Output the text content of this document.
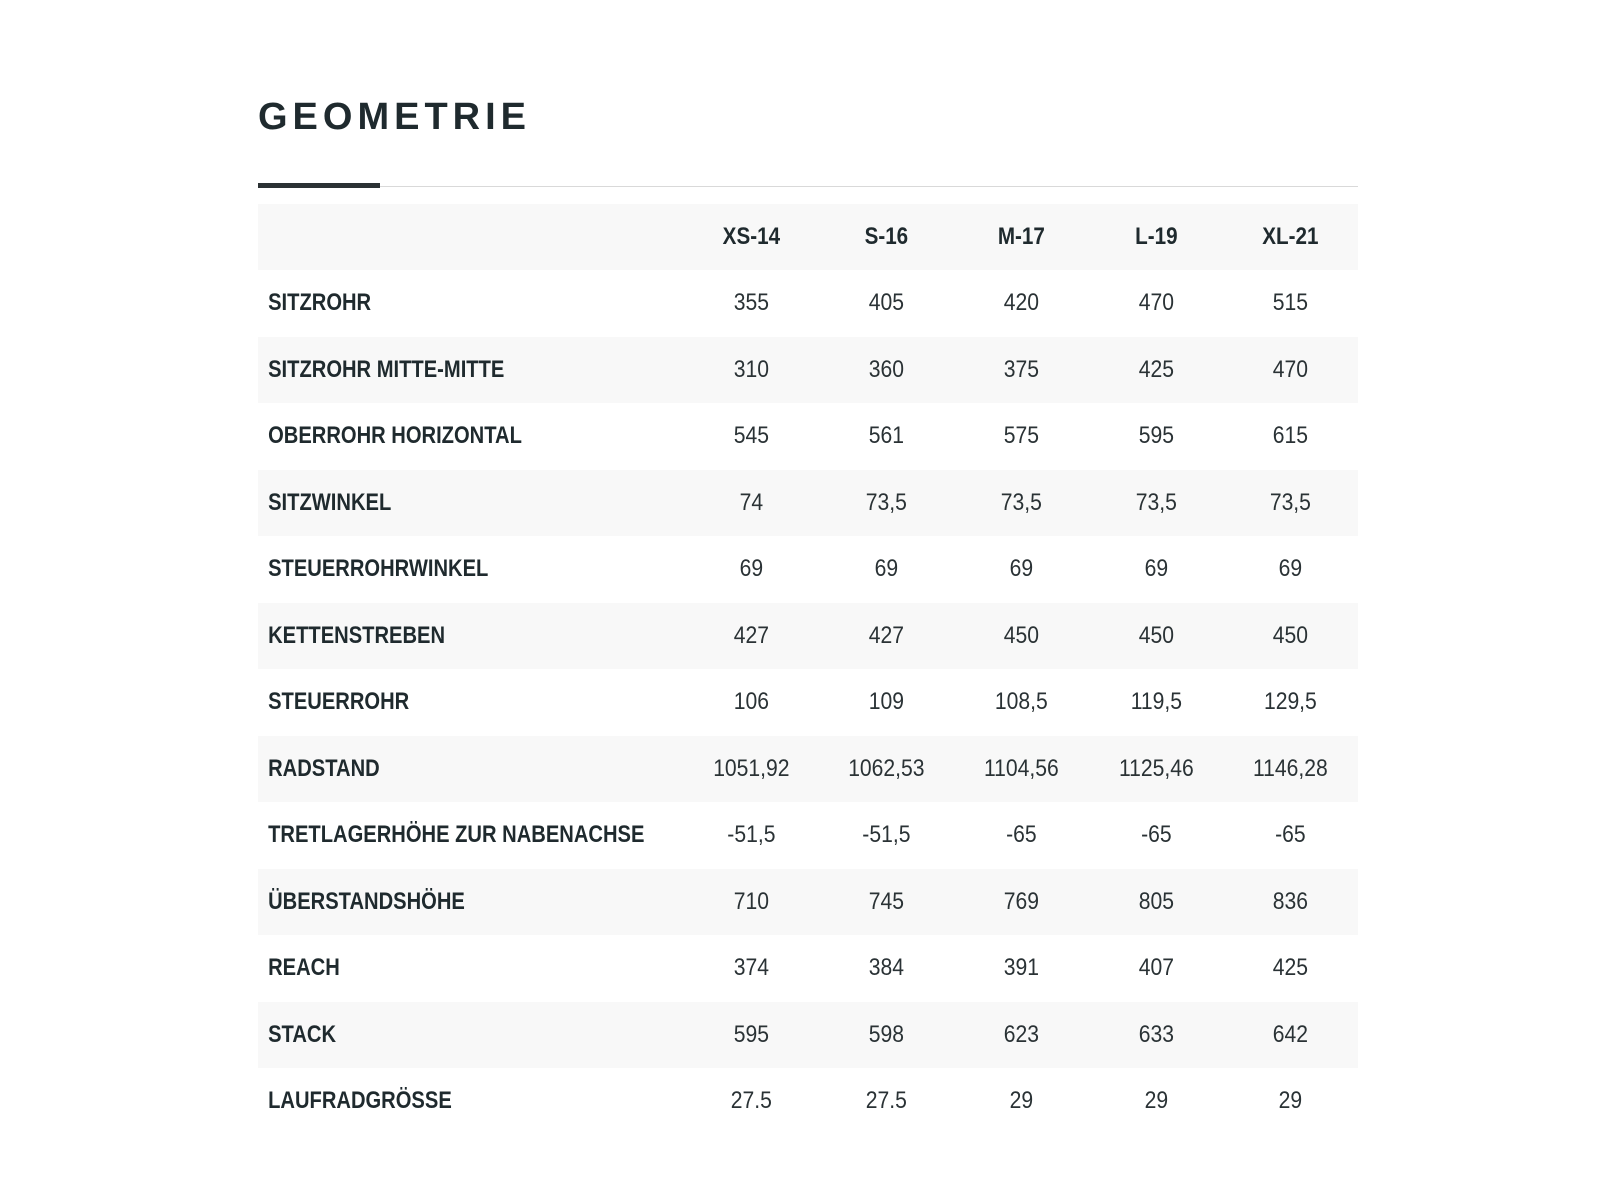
GEOMETRIE
	XS-14	S-16	M-17	L-19	XL-21
SITZROHR	355	405	420	470	515
SITZROHR MITTE-MITTE	310	360	375	425	470
OBERROHR HORIZONTAL	545	561	575	595	615
SITZWINKEL	74	73,5	73,5	73,5	73,5
STEUERROHRWINKEL	69	69	69	69	69
KETTENSTREBEN	427	427	450	450	450
STEUERROHR	106	109	108,5	119,5	129,5
RADSTAND	1051,92	1062,53	1104,56	1125,46	1146,28
TRETLAGERHÖHE ZUR NABENACHSE	-51,5	-51,5	-65	-65	-65
ÜBERSTANDSHÖHE	710	745	769	805	836
REACH	374	384	391	407	425
STACK	595	598	623	633	642
LAUFRADGRÖSSE	27.5	27.5	29	29	29
